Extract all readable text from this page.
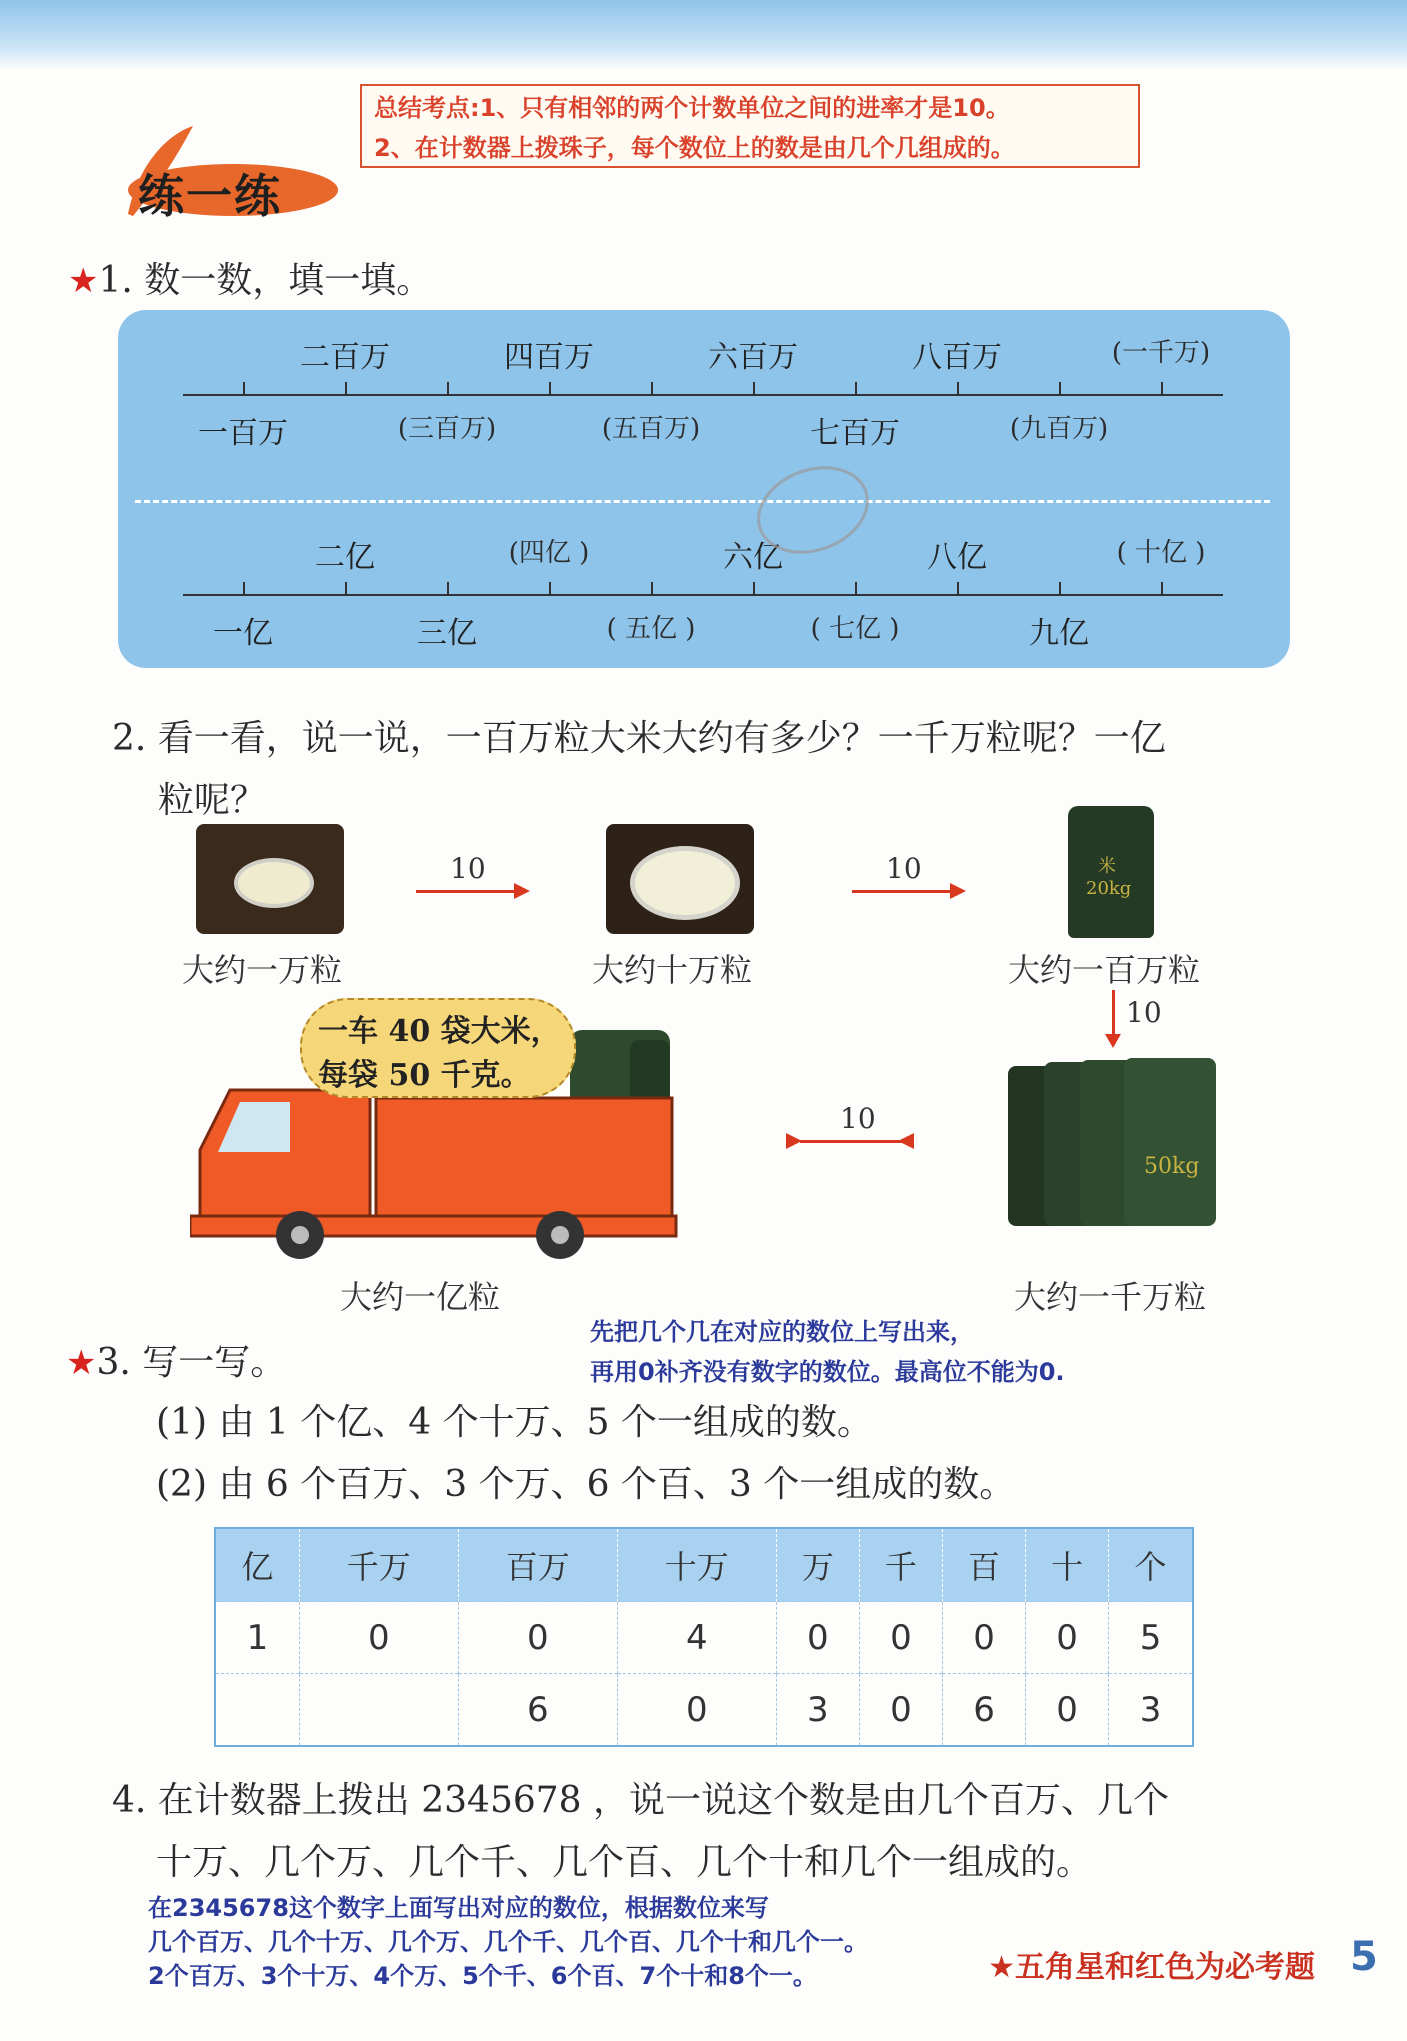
总结考点:1、只有相邻的两个计数单位之间的进率才是10。
2、在计数器上拨珠子，每个数位上的数是由几个几组成的。
练一练
★1. 数一数，填一填。
二百万	四百万	六百万	八百万	(一千万)
一百万	(三百万)	(五百万)	七百万	(九百万)
二亿	(四亿 )	六亿	八亿	( 十亿 )
一亿	三亿	( 五亿 )	( 七亿 )	九亿
2. 看一看，说一说，一百万粒大米大约有多少？一千万粒呢？一亿
粒呢？
大约一万粒
10
大约十万粒
10	米
20kg
大约一百万粒
10
50kg
大约一千万粒
10
一车 40 袋大米，
每袋 50 千克。
大约一亿粒
★3. 写一写。
先把几个几在对应的数位上写出来，
再用0补齐没有数字的数位。最高位不能为0.
(1) 由 1 个亿、4 个十万、5 个一组成的数。
(2) 由 6 个百万、3 个万、6 个百、3 个一组成的数。
亿	千万	百万	十万	万	千	百	十	个
1	0	0	4	0	0	0	0	5
		6	0	3	0	6	0	3
4. 在计数器上拨出 2345678 ，说一说这个数是由几个百万、几个
十万、几个万、几个千、几个百、几个十和几个一组成的。
在2345678这个数字上面写出对应的数位，根据数位来写
几个百万、几个十万、几个万、几个千、几个百、几个十和几个一。
2个百万、3个十万、4个万、5个千、6个百、7个十和8个一。	★五角星和红色为必考题 5
